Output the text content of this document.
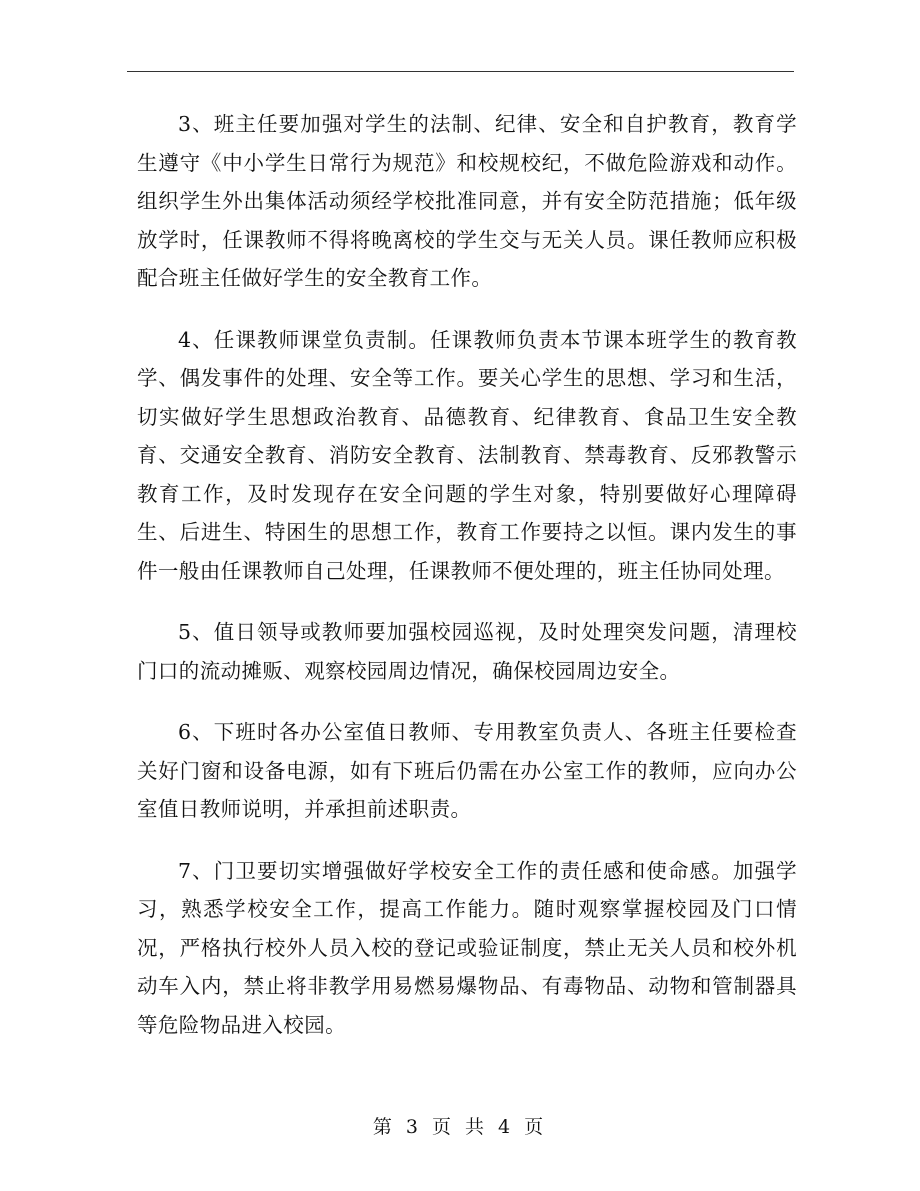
3、班主任要加强对学生的法制、纪律、安全和自护教育，教育学生遵守《中小学生日常行为规范》和校规校纪，不做危险游戏和动作。组织学生外出集体活动须经学校批准同意，并有安全防范措施；低年级放学时，任课教师不得将晚离校的学生交与无关人员。课任教师应积极配合班主任做好学生的安全教育工作。

4、任课教师课堂负责制。任课教师负责本节课本班学生的教育教学、偶发事件的处理、安全等工作。要关心学生的思想、学习和生活，切实做好学生思想政治教育、品德教育、纪律教育、食品卫生安全教育、交通安全教育、消防安全教育、法制教育、禁毒教育、反邪教警示教育工作，及时发现存在安全问题的学生对象，特别要做好心理障碍生、后进生、特困生的思想工作，教育工作要持之以恒。课内发生的事件一般由任课教师自己处理，任课教师不便处理的，班主任协同处理。

5、值日领导或教师要加强校园巡视，及时处理突发问题，清理校门口的流动摊贩、观察校园周边情况，确保校园周边安全。

6、下班时各办公室值日教师、专用教室负责人、各班主任要检查关好门窗和设备电源，如有下班后仍需在办公室工作的教师，应向办公室值日教师说明，并承担前述职责。

7、门卫要切实增强做好学校安全工作的责任感和使命感。加强学习，熟悉学校安全工作，提高工作能力。随时观察掌握校园及门口情况，严格执行校外人员入校的登记或验证制度，禁止无关人员和校外机动车入内，禁止将非教学用易燃易爆物品、有毒物品、动物和管制器具等危险物品进入校园。

第 3 页 共 4 页
